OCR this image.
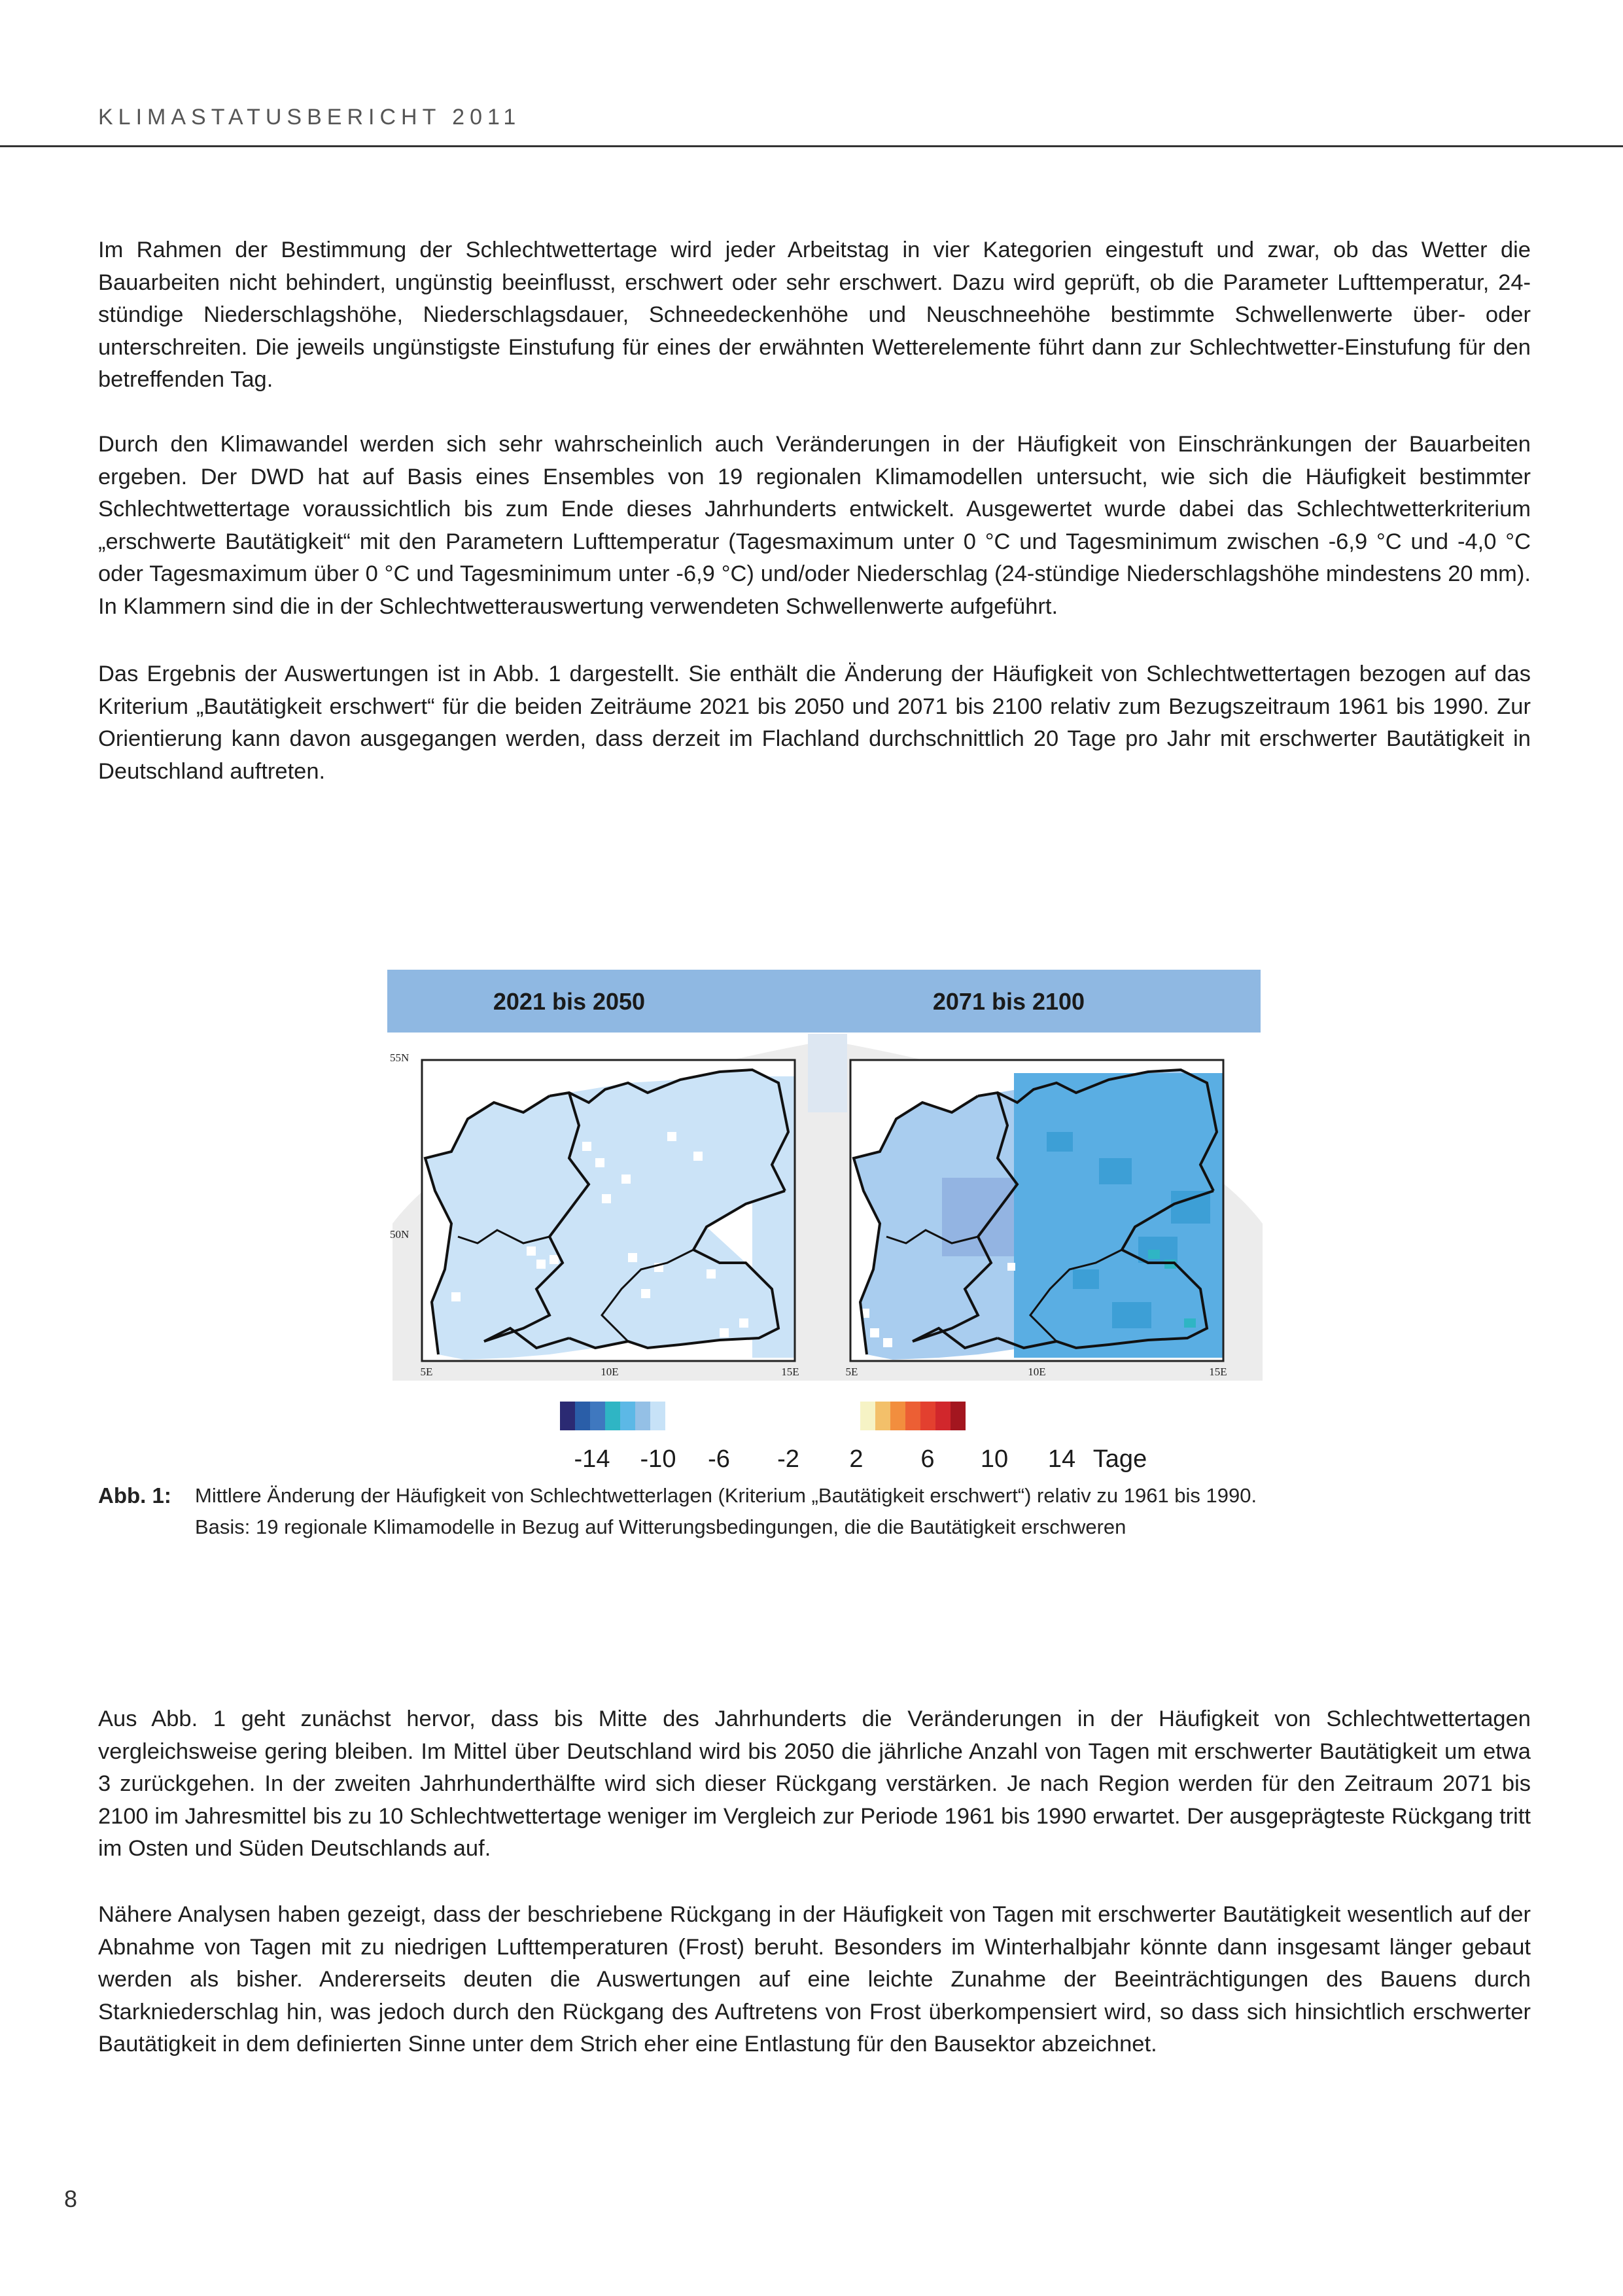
KLIMASTATUSBERICHT 2011

Im Rahmen der Bestimmung der Schlechtwettertage wird jeder Arbeitstag in vier Kategorien eingestuft und zwar, ob das Wetter die Bauarbeiten nicht behindert, ungünstig beeinflusst, erschwert oder sehr erschwert. Dazu wird geprüft, ob die Parameter Lufttemperatur, 24-stündige Niederschlagshöhe, Niederschlagsdauer, Schneedeckenhöhe und Neuschneehöhe bestimmte Schwellenwerte über- oder unterschreiten. Die jeweils ungünstigste Einstufung für eines der erwähnten Wetterelemente führt dann zur Schlechtwetter-Einstufung für den betreffenden Tag.

Durch den Klimawandel werden sich sehr wahrscheinlich auch Veränderungen in der Häufigkeit von Einschränkungen der Bauarbeiten ergeben. Der DWD hat auf Basis eines Ensembles von 19 regionalen Klimamodellen untersucht, wie sich die Häufigkeit bestimmter Schlechtwettertage voraussichtlich bis zum Ende dieses Jahrhunderts entwickelt. Ausgewertet wurde dabei das Schlechtwetterkriterium „erschwerte Bautätigkeit“ mit den Parametern Lufttemperatur (Tagesmaximum unter 0 °C und Tagesminimum zwischen -6,9 °C und -4,0 °C oder Tagesmaximum über 0 °C und Tagesminimum unter -6,9 °C) und/oder Niederschlag (24-stündige Niederschlagshöhe mindestens 20 mm). In Klammern sind die in der Schlechtwetterauswertung verwendeten Schwellenwerte aufgeführt.

Das Ergebnis der Auswertungen ist in Abb. 1 dargestellt. Sie enthält die Änderung der Häufigkeit von Schlechtwettertagen bezogen auf das Kriterium „Bautätigkeit erschwert“ für die beiden Zeiträume 2021 bis 2050 und 2071 bis 2100 relativ zum Bezugszeitraum 1961 bis 1990. Zur Orientierung kann davon ausgegangen werden, dass derzeit im Flachland durchschnittlich 20 Tage pro Jahr mit erschwerter Bautätigkeit in Deutschland auftreten.

2021 bis 2050	2071 bis 2100
55N
50N
5E	10E	15E	5E	10E	15E
-14 -10 -6 -2 2 6 10 14 Tage
Abb. 1: Mittlere Änderung der Häufigkeit von Schlechtwetterlagen (Kriterium „Bautätigkeit erschwert“) relativ zu 1961 bis 1990.
Basis: 19 regionale Klimamodelle in Bezug auf Witterungsbedingungen, die die Bautätigkeit erschweren

Aus Abb. 1 geht zunächst hervor, dass bis Mitte des Jahrhunderts die Veränderungen in der Häufigkeit von Schlechtwettertagen vergleichsweise gering bleiben. Im Mittel über Deutschland wird bis 2050 die jährliche Anzahl von Tagen mit erschwerter Bautätigkeit um etwa 3 zurückgehen. In der zweiten Jahrhunderthälfte wird sich dieser Rückgang verstärken. Je nach Region werden für den Zeitraum 2071 bis 2100 im Jahresmittel bis zu 10 Schlechtwettertage weniger im Vergleich zur Periode 1961 bis 1990 erwartet. Der ausgeprägteste Rückgang tritt im Osten und Süden Deutschlands auf.

Nähere Analysen haben gezeigt, dass der beschriebene Rückgang in der Häufigkeit von Tagen mit erschwerter Bautätigkeit wesentlich auf der Abnahme von Tagen mit zu niedrigen Lufttemperaturen (Frost) beruht. Besonders im Winterhalbjahr könnte dann insgesamt länger gebaut werden als bisher. Andererseits deuten die Auswertungen auf eine leichte Zunahme der Beeinträchtigungen des Bauens durch Starkniederschlag hin, was jedoch durch den Rückgang des Auftretens von Frost überkompensiert wird, so dass sich hinsichtlich erschwerter Bautätigkeit in dem definierten Sinne unter dem Strich eher eine Entlastung für den Bausektor abzeichnet.

8
